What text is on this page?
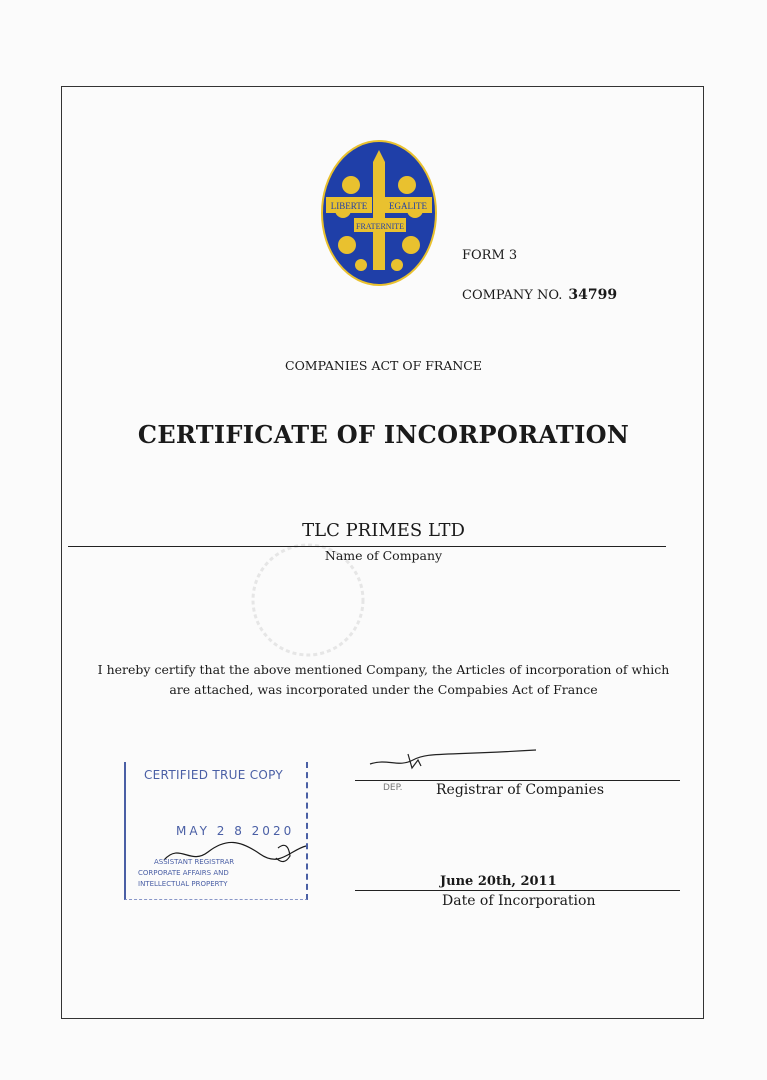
LIBERTE EGALITE
FRATERNITE
FORM 3
COMPANY NO. 34799
COMPANIES ACT OF FRANCE
CERTIFICATE OF INCORPORATION
TLC PRIMES LTD
Name of Company
I hereby certify that the above mentioned Company, the Articles of incorporation of which are attached, was incorporated under the Compabies Act of France
DEP. Registrar of Companies
June 20th, 2011
Date of Incorporation
CERTIFIED TRUE COPY
MAY 2 8 2020
ASSISTANT REGISTRAR
CORPORATE AFFAIRS AND
INTELLECTUAL PROPERTY
